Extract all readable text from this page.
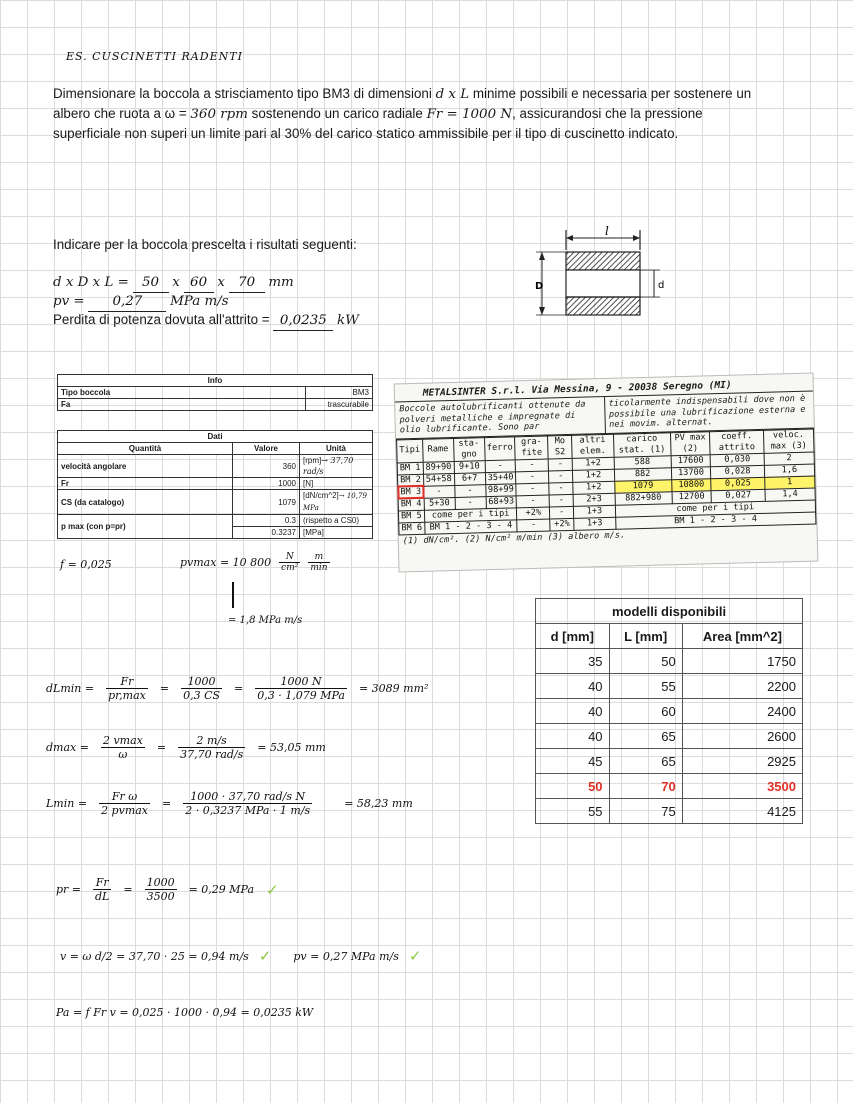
ES. CUSCINETTI RADENTI
Dimensionare la boccola a strisciamento tipo BM3 di dimensioni d x L minime possibili e necessaria per sostenere un albero che ruota a ω = 360 rpm sostenendo un carico radiale Fr = 1000 N, assicurandosi che la pressione superficiale non superi un limite pari al 30% del carico statico ammissibile per il tipo di cuscinetto indicato.
Indicare per la boccola prescelta i risultati seguenti:
d x D x L = 50 x 60 x 70 mm
pv = 0,27 MPa m/s
Perdita di potenza dovuta all'attrito = 0,0235 kW
l
D	d
Info	
Tipo boccola	BM3
Fa	trascurabile
Dati		
Quantità	Valore	Unità
velocità angolare	360	[rpm]→ 37,70 rad/s
Fr	1000	[N]
CS (da catalogo)	1079	[dN/cm^2]→ 10,79 MPa
p max (con p=pr)	0.3	(rispetto a CS0)
	0.3237	[MPa]
METALSINTER S.r.l. Via Messina, 9 - 20038 Seregno (MI)
Boccole autolubrificanti ottenute da polveri metalliche e impregnate di olio lubrificante. Sono par
ticolarmente indispensabili dove non è possibile una lubrificazione esterna e nei movim. alternat.
Tipi	Rame	sta-gno	ferro	gra-fite	Mo S2	altri elem.	carico stat. (1)	PV max (2)	coeff. attrito	veloc. max (3)
BM 1	89+90	9+10	-	-	-	1+2	588	17600	0,030	2
BM 2	54+58	6+7	35+40	-	-	1+2	882	13700	0,028	1,6
BM 3	-	-	98+99	-	-	1+2	1079	10800	0,025	1
BM 4	5+30	-	68+93	-	-	2+3	882+980	12700	0,027	1,4
BM 5	come per i tipi			+2%	-	1+3	come per i tipi			
BM 6	BM 1 - 2 - 3 - 4			-	+2%	1+3	BM 1 - 2 - 3 - 4			
(1) dN/cm². (2) N/cm² m/min (3) albero m/s.
modelli disponibili		
d [mm]	L [mm]	Area [mm^2]
35	50	1750
40	55	2200
40	60	2400
40	65	2600
45	65	2925
50	70	3500
55	75	4125
f = 0,025	pvmax = 10 $800 \frac{N}{\text{cm²}} \frac{m}{\min}$
= 1,8 MPa m/s
$dLmin = \frac{Fr}{pr,\max} = \frac{1000}{0,3 CS} = \frac{1000 N}{\text{0,3 · 1,079 MPa}} = 3089$ mm²
$dmax = \frac{2 vmax}{\omega} = \frac{2 m/s}{\text{37,70 rad/s}} = 53,05$ mm
$Lmin = \frac{\text{Fr ω}}{2 pvmax} = \frac{\text{1000 · 37,70 rad/s N}}{\text{2 · 0,3237 MPa · 1 m/s}}$	= 58,23 mm
pr = $\frac{Fr}{dL} = \frac{1000}{3500} = 0,29$ MPa ✓
v = ω d/2 = 37,70 · 25 = 0,94 m/s ✓ pv = 0,27 MPa m/s ✓
Pa = f Fr v = 0,025 · 1000 · 0,94 = 0,0235 kW
